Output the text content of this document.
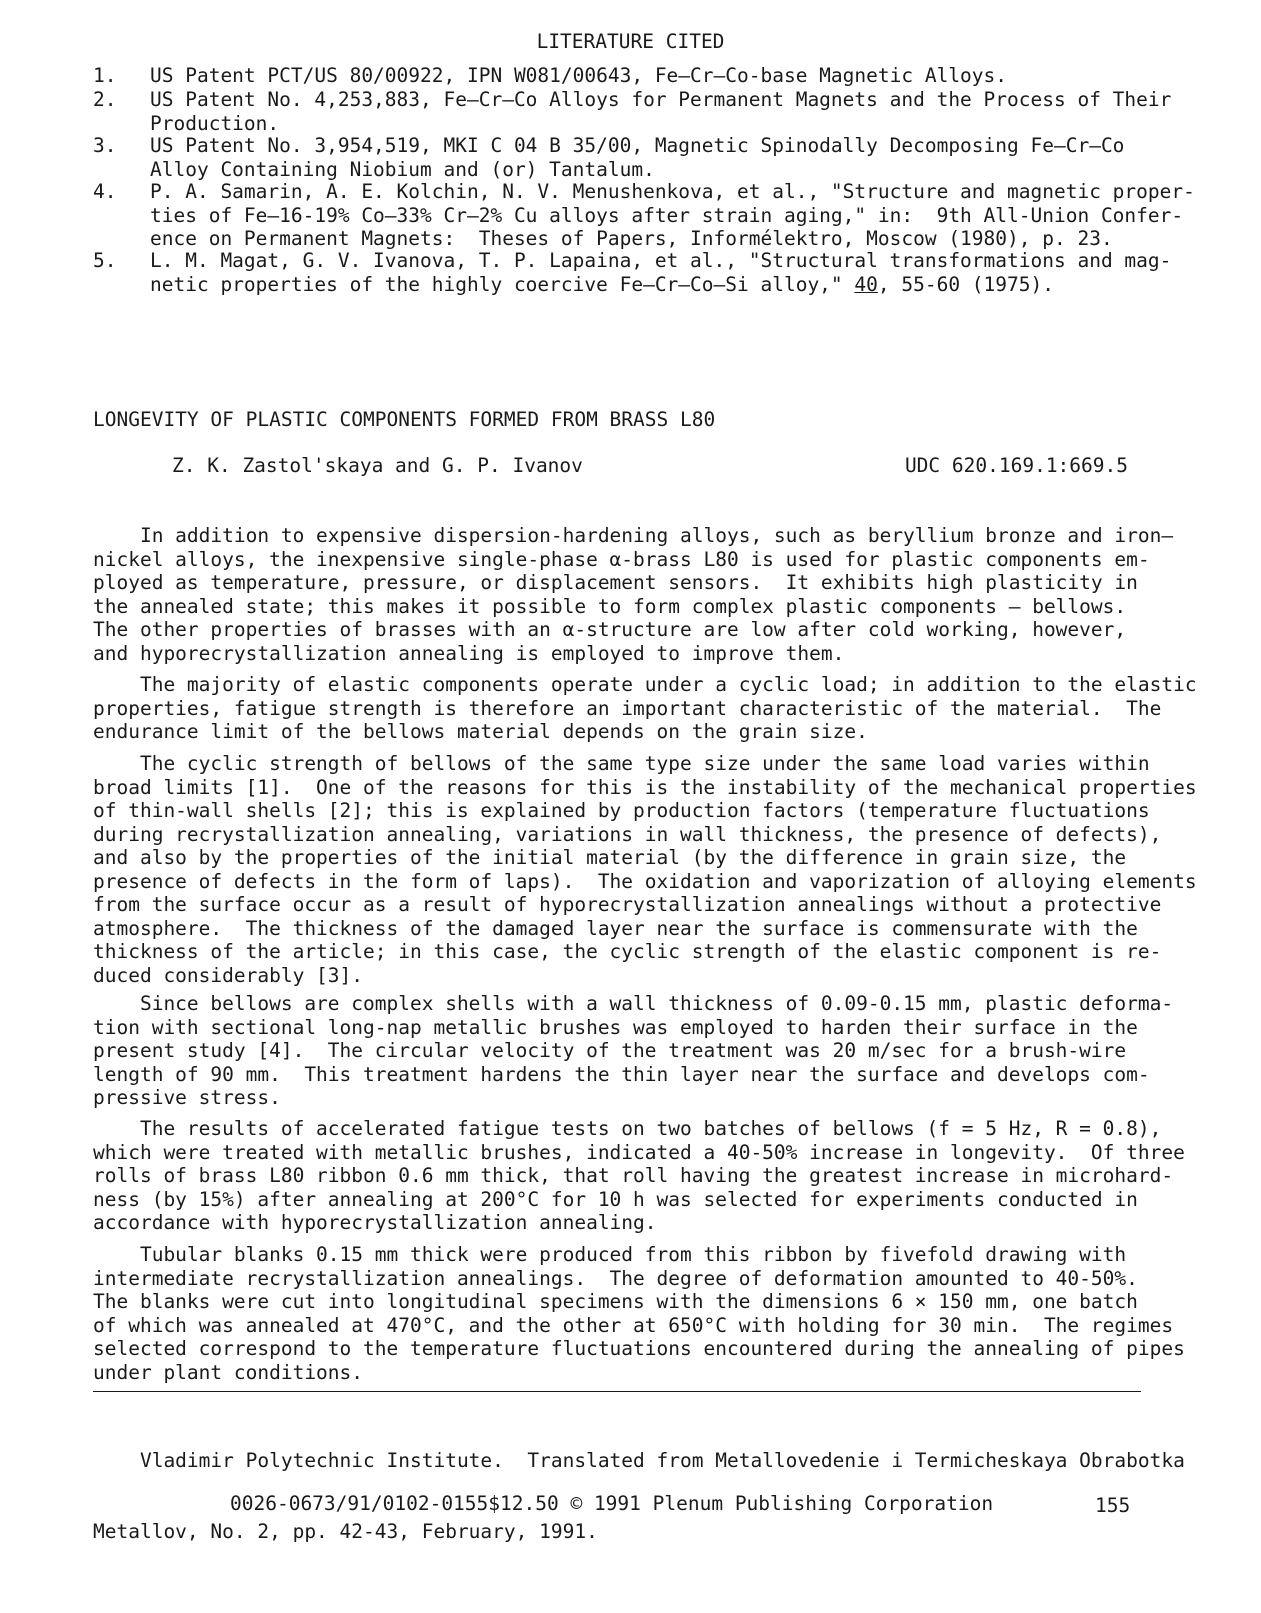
LITERATURE CITED
1. US Patent PCT/US 80/00922, IPN W081/00643, Fe—Cr—Co-base Magnetic Alloys.
2. US Patent No. 4,253,883, Fe—Cr—Co Alloys for Permanent Magnets and the Process of Their
Production.
3. US Patent No. 3,954,519, MKI C 04 B 35/00, Magnetic Spinodally Decomposing Fe—Cr—Co
Alloy Containing Niobium and (or) Tantalum.
4. P. A. Samarin, A. E. Kolchin, N. V. Menushenkova, et al., "Structure and magnetic proper-
ties of Fe—16-19% Co—33% Cr—2% Cu alloys after strain aging," in:  9th All-Union Confer-
ence on Permanent Magnets:  Theses of Papers, Informélektro, Moscow (1980), p. 23.
5. L. M. Magat, G. V. Ivanova, T. P. Lapaina, et al., "Structural transformations and mag-
netic properties of the highly coercive Fe—Cr—Co—Si alloy," 40, 55-60 (1975).
LONGEVITY OF PLASTIC COMPONENTS FORMED FROM BRASS L80
Z. K. Zastol'skaya and G. P. Ivanov	UDC 620.169.1:669.5
In addition to expensive dispersion-hardening alloys, such as beryllium bronze and iron—
nickel alloys, the inexpensive single-phase α-brass L80 is used for plastic components em-
ployed as temperature, pressure, or displacement sensors.  It exhibits high plasticity in
the annealed state; this makes it possible to form complex plastic components — bellows.
The other properties of brasses with an α-structure are low after cold working, however,
and hyporecrystallization annealing is employed to improve them.
The majority of elastic components operate under a cyclic load; in addition to the elastic
properties, fatigue strength is therefore an important characteristic of the material.  The
endurance limit of the bellows material depends on the grain size.
The cyclic strength of bellows of the same type size under the same load varies within
broad limits [1].  One of the reasons for this is the instability of the mechanical properties
of thin-wall shells [2]; this is explained by production factors (temperature fluctuations
during recrystallization annealing, variations in wall thickness, the presence of defects),
and also by the properties of the initial material (by the difference in grain size, the
presence of defects in the form of laps).  The oxidation and vaporization of alloying elements
from the surface occur as a result of hyporecrystallization annealings without a protective
atmosphere.  The thickness of the damaged layer near the surface is commensurate with the
thickness of the article; in this case, the cyclic strength of the elastic component is re-
duced considerably [3].
Since bellows are complex shells with a wall thickness of 0.09-0.15 mm, plastic deforma-
tion with sectional long-nap metallic brushes was employed to harden their surface in the
present study [4].  The circular velocity of the treatment was 20 m/sec for a brush-wire
length of 90 mm.  This treatment hardens the thin layer near the surface and develops com-
pressive stress.
The results of accelerated fatigue tests on two batches of bellows (f = 5 Hz, R = 0.8),
which were treated with metallic brushes, indicated a 40-50% increase in longevity.  Of three
rolls of brass L80 ribbon 0.6 mm thick, that roll having the greatest increase in microhard-
ness (by 15%) after annealing at 200°C for 10 h was selected for experiments conducted in
accordance with hyporecrystallization annealing.
Tubular blanks 0.15 mm thick were produced from this ribbon by fivefold drawing with
intermediate recrystallization annealings.  The degree of deformation amounted to 40-50%.
The blanks were cut into longitudinal specimens with the dimensions 6 × 150 mm, one batch
of which was annealed at 470°C, and the other at 650°C with holding for 30 min.  The regimes
selected correspond to the temperature fluctuations encountered during the annealing of pipes
under plant conditions.

Vladimir Polytechnic Institute.  Translated from Metallovedenie i Termicheskaya Obrabotka

Metallov, No. 2, pp. 42-43, February, 1991.

0026-0673/91/0102-0155$12.50 © 1991 Plenum Publishing Corporation	155
